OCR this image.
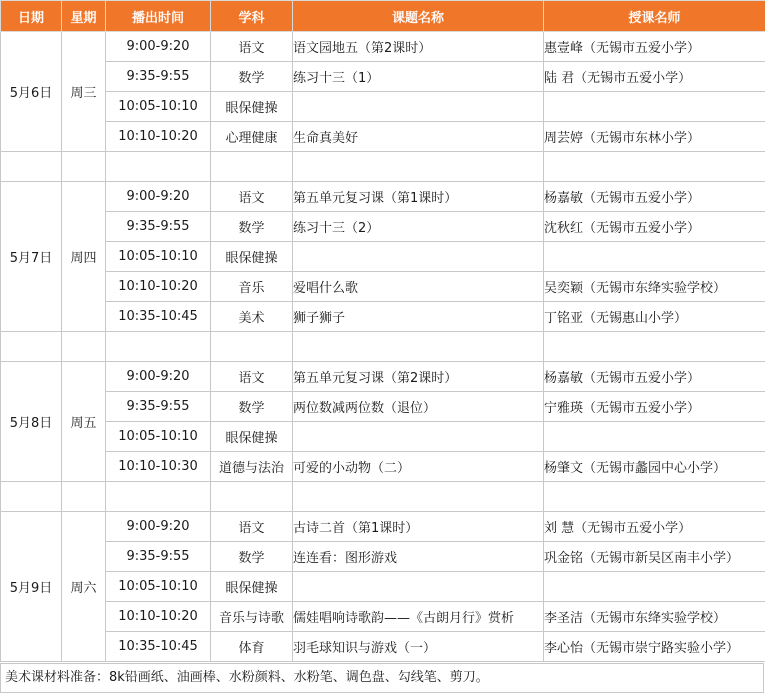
日期	星期	播出时间	学科	课题名称	授课名师
5月6日	周三	9:00-9:20	语文	语文园地五（第2课时）	惠壹峰（无锡市五爱小学）
		9:35-9:55	数学	练习十三（1）	陆 君（无锡市五爱小学）
		10:05-10:10	眼保健操		
		10:10-10:20	心理健康	生命真美好	周芸婷（无锡市东林小学）

5月7日	周四	9:00-9:20	语文	第五单元复习课（第1课时）	杨嘉敏（无锡市五爱小学）
		9:35-9:55	数学	练习十三（2）	沈秋红（无锡市五爱小学）
		10:05-10:10	眼保健操		
		10:10-10:20	音乐	爱唱什么歌	吴奕颖（无锡市东绛实验学校）
		10:35-10:45	美术	狮子狮子	丁铭亚（无锡惠山小学）

5月8日	周五	9:00-9:20	语文	第五单元复习课（第2课时）	杨嘉敏（无锡市五爱小学）
		9:35-9:55	数学	两位数减两位数（退位）	宁雅瑛（无锡市五爱小学）
		10:05-10:10	眼保健操		
		10:10-10:30	道德与法治	可爱的小动物（二）	杨肇文（无锡市蠡园中心小学）

5月9日	周六	9:00-9:20	语文	古诗二首（第1课时）	刘 慧（无锡市五爱小学）
		9:35-9:55	数学	连连看：图形游戏	巩金铭（无锡市新吴区南丰小学）
		10:05-10:10	眼保健操		
		10:10-10:20	音乐与诗歌	儒娃唱响诗歌韵——《古朗月行》赏析	李圣洁（无锡市东绛实验学校）
		10:35-10:45	体育	羽毛球知识与游戏（一）	李心怡（无锡市崇宁路实验小学）
美术课材料准备：8k铅画纸、油画棒、水粉颜料、水粉笔、调色盘、勾线笔、剪刀。
